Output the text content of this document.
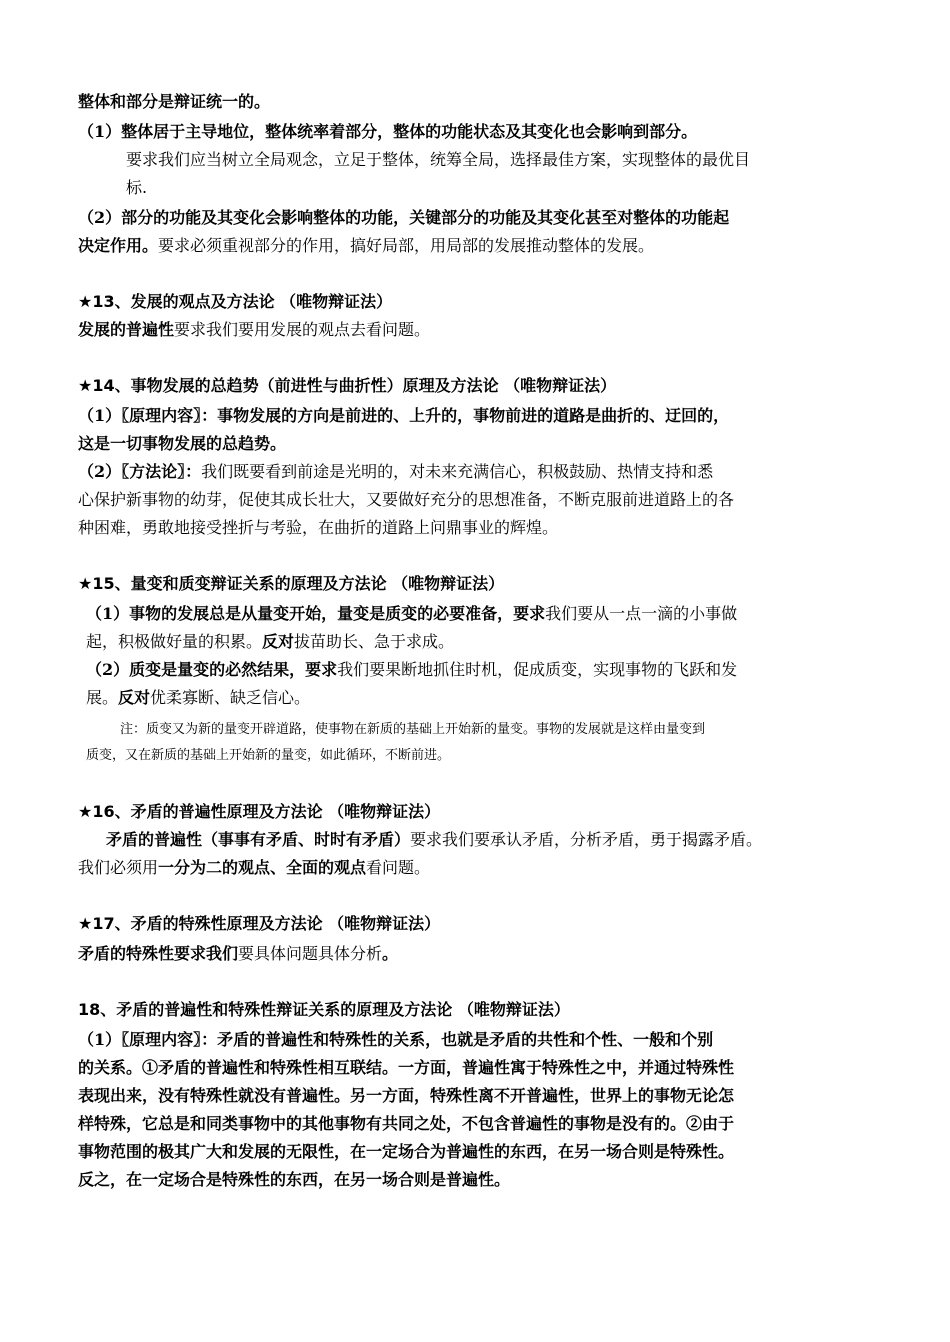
整体和部分是辩证统一的。
（1）整体居于主导地位，整体统率着部分，整体的功能状态及其变化也会影响到部分。
要求我们应当树立全局观念，立足于整体，统筹全局，选择最佳方案，实现整体的最优目
标.
（2）部分的功能及其变化会影响整体的功能，关键部分的功能及其变化甚至对整体的功能起
决定作用。要求必须重视部分的作用，搞好局部，用局部的发展推动整体的发展。
★13、发展的观点及方法论 （唯物辩证法）
发展的普遍性要求我们要用发展的观点去看问题。
★14、事物发展的总趋势（前进性与曲折性）原理及方法论 （唯物辩证法）
（1）〖原理内容〗：事物发展的方向是前进的、上升的，事物前进的道路是曲折的、迂回的，
这是一切事物发展的总趋势。
（2）〖方法论〗：我们既要看到前途是光明的，对未来充满信心，积极鼓励、热情支持和悉
心保护新事物的幼芽，促使其成长壮大，又要做好充分的思想准备，不断克服前进道路上的各
种困难，勇敢地接受挫折与考验，在曲折的道路上问鼎事业的辉煌。
★15、量变和质变辩证关系的原理及方法论 （唯物辩证法）
（1）事物的发展总是从量变开始，量变是质变的必要准备，要求我们要从一点一滴的小事做
起，积极做好量的积累。反对拔苗助长、急于求成。
（2）质变是量变的必然结果，要求我们要果断地抓住时机，促成质变，实现事物的飞跃和发
展。反对优柔寡断、缺乏信心。
注：质变又为新的量变开辟道路，使事物在新质的基础上开始新的量变。事物的发展就是这样由量变到
质变，又在新质的基础上开始新的量变，如此循环，不断前进。
★16、矛盾的普遍性原理及方法论 （唯物辩证法）
矛盾的普遍性（事事有矛盾、时时有矛盾）要求我们要承认矛盾，分析矛盾，勇于揭露矛盾。
我们必须用一分为二的观点、全面的观点看问题。
★17、矛盾的特殊性原理及方法论 （唯物辩证法）
矛盾的特殊性要求我们要具体问题具体分析。
18、矛盾的普遍性和特殊性辩证关系的原理及方法论 （唯物辩证法）
（1）〖原理内容〗：矛盾的普遍性和特殊性的关系，也就是矛盾的共性和个性、一般和个别
的关系。①矛盾的普遍性和特殊性相互联结。一方面，普遍性寓于特殊性之中，并通过特殊性
表现出来，没有特殊性就没有普遍性。另一方面，特殊性离不开普遍性，世界上的事物无论怎
样特殊，它总是和同类事物中的其他事物有共同之处，不包含普遍性的事物是没有的。②由于
事物范围的极其广大和发展的无限性，在一定场合为普遍性的东西，在另一场合则是特殊性。
反之，在一定场合是特殊性的东西，在另一场合则是普遍性。
